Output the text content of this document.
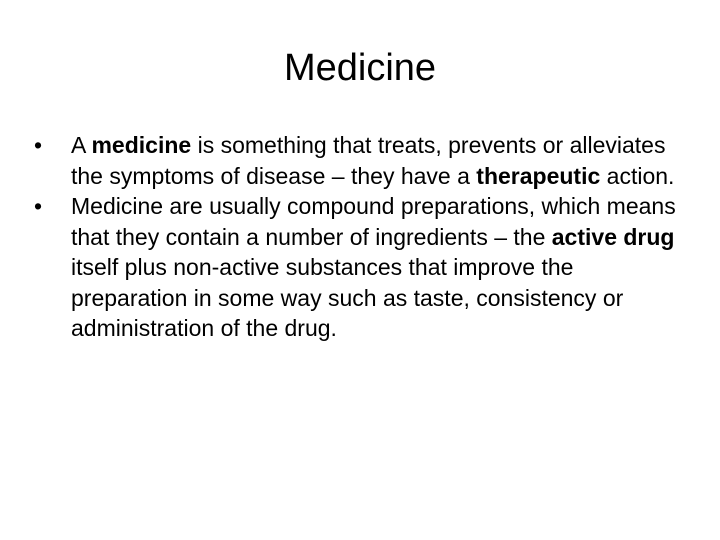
Medicine
•	A medicine is something that treats, prevents or alleviates the symptoms of disease – they have a therapeutic action.
•	Medicine are usually compound preparations, which means that they contain a number of ingredients – the active drug itself plus non-active substances that improve the preparation in some way such as taste, consistency or administration of the drug.
